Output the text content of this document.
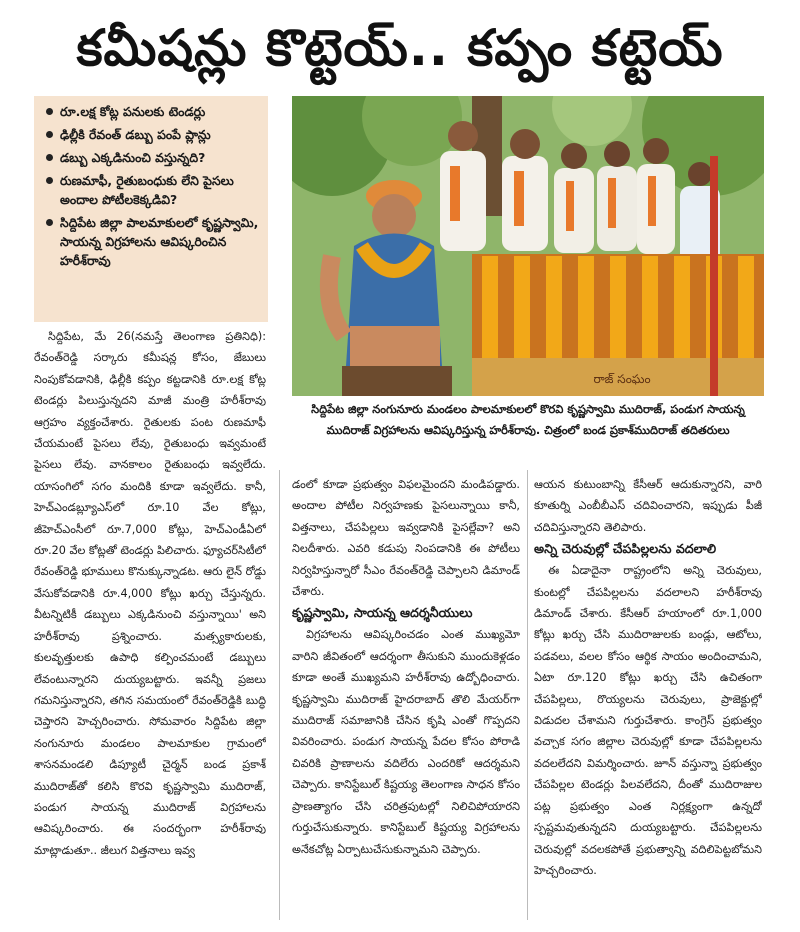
కమీషన్లు కొట్టెయ్.. కప్పం కట్టెయ్
రూ.లక్ష కోట్ల పనులకు టెండర్లు
ఢిల్లీకి రేవంత్ డబ్బు పంపే ప్లాన్లు
డబ్బు ఎక్కడినుంచి వస్తున్నది?
రుణమాఫీ, రైతుబంధుకు లేని పైసలు అందాల పోటీలకెక్కడివి?
సిద్దిపేట జిల్లా పాలమాకులలో కృష్ణస్వామి, సాయన్న విగ్రహాలను ఆవిష్కరించిన హరీశ్‌రావు
రాజ్ సంఘం
సిద్దిపేట జిల్లా నంగునూరు మండలం పాలమాకులలో కొరవి కృష్ణస్వామి ముదిరాజ్, పండుగ సాయన్న ముదిరాజ్ విగ్రహాలను ఆవిష్కరిస్తున్న హరీశ్‌రావు. చిత్రంలో బండ ప్రకాశ్‌ముదిరాజ్ తదితరులు

సిద్దిపేట, మే 26(నమస్తే తెలంగాణ ప్రతినిధి): రేవంత్‌రెడ్డి సర్కారు కమీషన్ల కోసం, జేబులు నింపుకోవడానికి, ఢిల్లీకి కప్పం కట్టడానికి రూ.లక్ష కోట్ల టెండర్లు పిలుస్తున్నదని మాజీ మంత్రి హరీశ్‌రావు ఆగ్రహం వ్యక్తంచేశారు. రైతులకు పంట రుణమాఫీ చేయమంటే పైసలు లేవు, రైతుబంధు ఇవ్వమంటే పైసలు లేవు. వానకాలం రైతుబంధు ఇవ్వలేదు. యాసంగిలో సగం మందికి కూడా ఇవ్వలేదు. కానీ, హెచ్‌ఎండబ్ల్యూఎస్‌లో రూ.10 వేల కోట్లు, జీహెచ్‌ఎంసీలో రూ.7,000 కోట్లు, హెచ్‌ఎండీఏలో రూ.20 వేల కోట్లతో టెండర్లు పిలిచారు. ఫ్యూచర్‌సిటీలో రేవంత్‌రెడ్డి భూములు కొనుక్కున్నాడట. ఆరు లైన్ రోడ్డు వేసుకోవడానికి రూ.4,000 కోట్లు ఖర్చు చేస్తున్నరు. వీటన్నిటికీ డబ్బులు ఎక్కడినుంచి వస్తున్నాయి' అని హరీశ్‌రావు ప్రశ్నించారు. మత్స్యకారులకు, కులవృత్తులకు ఉపాధి కల్పించమంటే డబ్బులు లేవంటున్నారని దుయ్యబట్టారు. ఇవన్నీ ప్రజలు గమనిస్తున్నారని, తగిన సమయంలో రేవంత్‌రెడ్డికి బుద్ధి చెప్తారని హెచ్చరించారు. సోమవారం సిద్దిపేట జిల్లా నంగునూరు మండలం పాలమాకుల గ్రామంలో శాసనమండలి డిప్యూటీ చైర్మన్ బండ ప్రకాశ్ ముదిరాజ్‌తో కలిసి కొరవి కృష్ణస్వామి ముదిరాజ్, పండుగ సాయన్న ముదిరాజ్ విగ్రహాలను ఆవిష్కరించారు. ఈ సందర్భంగా హరీశ్‌రావు మాట్లాడుతూ.. జీలుగ విత్తనాలు ఇవ్వ

డంలో కూడా ప్రభుత్వం విఫలమైందని మండిపడ్డారు. అందాల పోటీల నిర్వహణకు పైసలున్నాయి కానీ, విత్తనాలు, చేపపిల్లలు ఇవ్వడానికి పైసల్లేవా? అని నిలదీశారు. ఎవరి కడుపు నింపడానికి ఈ పోటీలు నిర్వహిస్తున్నారో సీఎం రేవంత్‌రెడ్డి చెప్పాలని డిమాండ్ చేశారు.

కృష్ణస్వామి, సాయన్న ఆదర్శనీయులు

విగ్రహాలను ఆవిష్కరించడం ఎంత ముఖ్యమో వారిని జీవితంలో ఆదర్శంగా తీసుకుని ముందుకెళ్లడం కూడా అంతే ముఖ్యమని హరీశ్‌రావు ఉద్బోధించారు. కృష్ణస్వామి ముదిరాజ్ హైదరాబాద్ తొలి మేయర్‌గా ముదిరాజ్ సమాజానికి చేసిన కృషి ఎంతో గొప్పదని వివరించారు. పండుగ సాయన్న పేదల కోసం పోరాడి చివరికి ప్రాణాలను వదిలేరు ఎందరికో ఆదర్శమని చెప్పారు. కానిస్టేబుల్ కిష్టయ్య తెలంగాణ సాధన కోసం ప్రాణత్యాగం చేసి చరిత్రపుటల్లో నిలిచిపోయారని గుర్తుచేసుకున్నారు. కానిస్టేబుల్ కిష్టయ్య విగ్రహాలను అనేకచోట్ల ఏర్పాటుచేసుకున్నామని చెప్పారు.

ఆయన కుటుంబాన్ని కేసీఆర్ ఆదుకున్నారని, వారి కూతుర్ని ఎంబీబీఎస్ చదివించారని, ఇప్పుడు పీజీ చదివిస్తున్నారని తెలిపారు.

అన్ని చెరువుల్లో చేపపిల్లలను వదలాలి

ఈ ఏడాదైనా రాష్ట్రంలోని అన్ని చెరువులు, కుంటల్లో చేపపిల్లలను వదలాలని హరీశ్‌రావు డిమాండ్ చేశారు. కేసీఆర్ హయాంలో రూ.1,000 కోట్లు ఖర్చు చేసి ముదిరాజులకు బండ్లు, ఆటోలు, పడవలు, వలల కోసం ఆర్థిక సాయం అందించామని, ఏటా రూ.120 కోట్లు ఖర్చు చేసి ఉచితంగా చేపపిల్లలు, రొయ్యలను చెరువులు, ప్రాజెక్టుల్లో విడుదల చేశామని గుర్తుచేశారు. కాంగ్రెస్ ప్రభుత్వం వచ్చాక సగం జిల్లాల చెరువుల్లో కూడా చేపపిల్లలను వదలలేదని విమర్శించారు. జూన్ వస్తున్నా ప్రభుత్వం చేపపిల్లల టెండర్లు పిలవలేదని, దీంతో ముదిరాజుల పట్ల ప్రభుత్వం ఎంత నిర్లక్ష్యంగా ఉన్నదో స్పష్టమవుతున్నదని దుయ్యబట్టారు. చేపపిల్లలను చెరువుల్లో వదలకపోతే ప్రభుత్వాన్ని వదిలిపెట్టబోమని హెచ్చరించారు.
